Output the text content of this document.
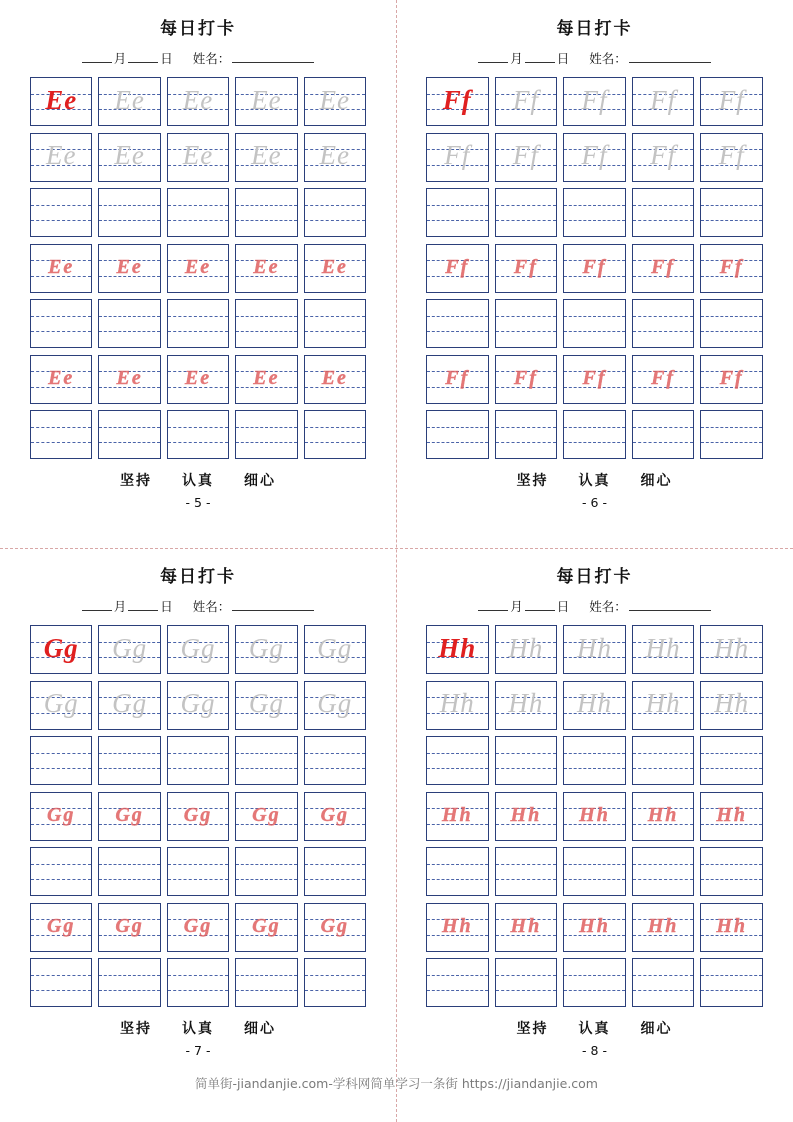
每日打卡
月	日 姓名：
Ee	Ee	Ee	Ee	Ee
Ee	Ee	Ee	Ee	Ee
Ee	Ee	Ee	Ee	Ee
Ee	Ee	Ee	Ee	Ee
坚持 认真 细心
- 5 -
每日打卡
月	日 姓名：
Ff	Ff	Ff	Ff	Ff
Ff	Ff	Ff	Ff	Ff
Ff	Ff	Ff	Ff	Ff
Ff	Ff	Ff	Ff	Ff
坚持 认真 细心
- 6 -
每日打卡
月	日 姓名：
Gg	Gg	Gg	Gg	Gg
Gg	Gg	Gg	Gg	Gg
Gg	Gg	Gg	Gg	Gg
Gg	Gg	Gg	Gg	Gg
坚持 认真 细心
- 7 -
每日打卡
月	日 姓名：
Hh	Hh	Hh	Hh	Hh
Hh	Hh	Hh	Hh	Hh
Hh	Hh	Hh	Hh	Hh
Hh	Hh	Hh	Hh	Hh
坚持 认真 细心
- 8 -
简单街-jiandanjie.com-学科网简单学习一条街 https://jiandanjie.com
